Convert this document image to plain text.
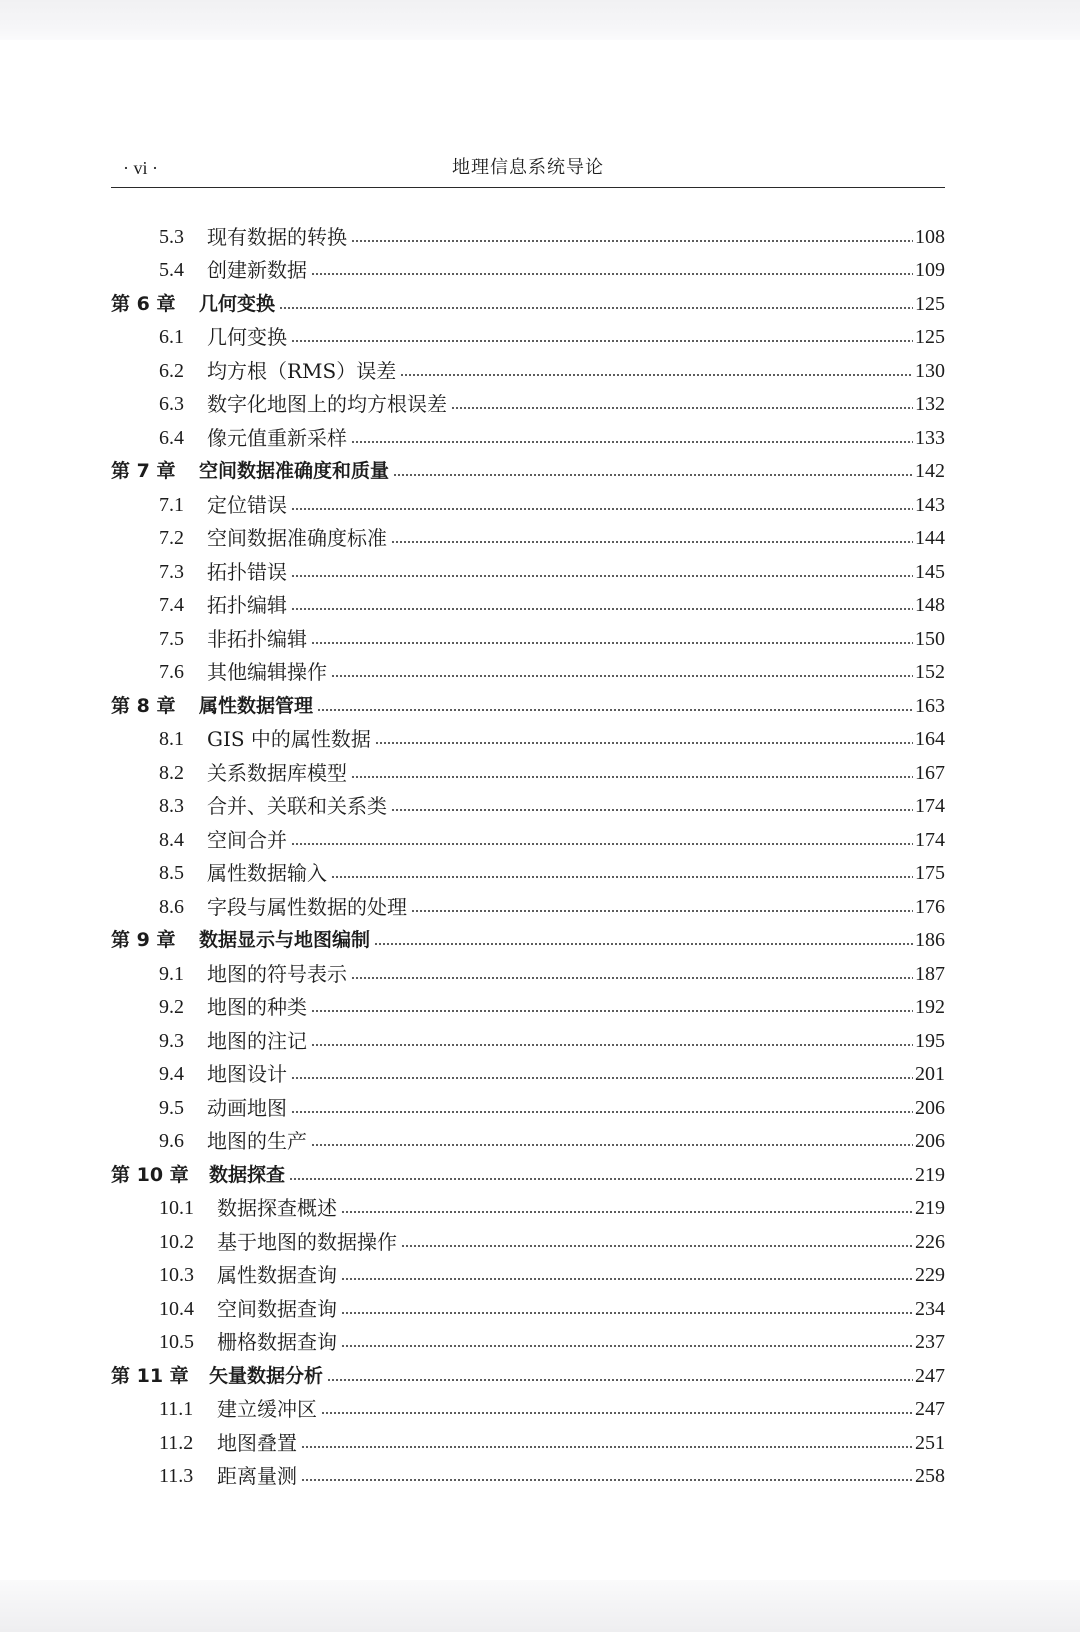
· vi ·	地理信息系统导论
5.3	现有数据的转换	108
5.4	创建新数据	109
第 6 章	几何变换	125
6.1	几何变换	125
6.2	均方根（RMS）误差	130
6.3	数字化地图上的均方根误差	132
6.4	像元值重新采样	133
第 7 章	空间数据准确度和质量	142
7.1	定位错误	143
7.2	空间数据准确度标准	144
7.3	拓扑错误	145
7.4	拓扑编辑	148
7.5	非拓扑编辑	150
7.6	其他编辑操作	152
第 8 章	属性数据管理	163
8.1	GIS 中的属性数据	164
8.2	关系数据库模型	167
8.3	合并、关联和关系类	174
8.4	空间合并	174
8.5	属性数据输入	175
8.6	字段与属性数据的处理	176
第 9 章	数据显示与地图编制	186
9.1	地图的符号表示	187
9.2	地图的种类	192
9.3	地图的注记	195
9.4	地图设计	201
9.5	动画地图	206
9.6	地图的生产	206
第 10 章	数据探查	219
10.1	数据探查概述	219
10.2	基于地图的数据操作	226
10.3	属性数据查询	229
10.4	空间数据查询	234
10.5	栅格数据查询	237
第 11 章	矢量数据分析	247
11.1	建立缓冲区	247
11.2	地图叠置	251
11.3	距离量测	258
